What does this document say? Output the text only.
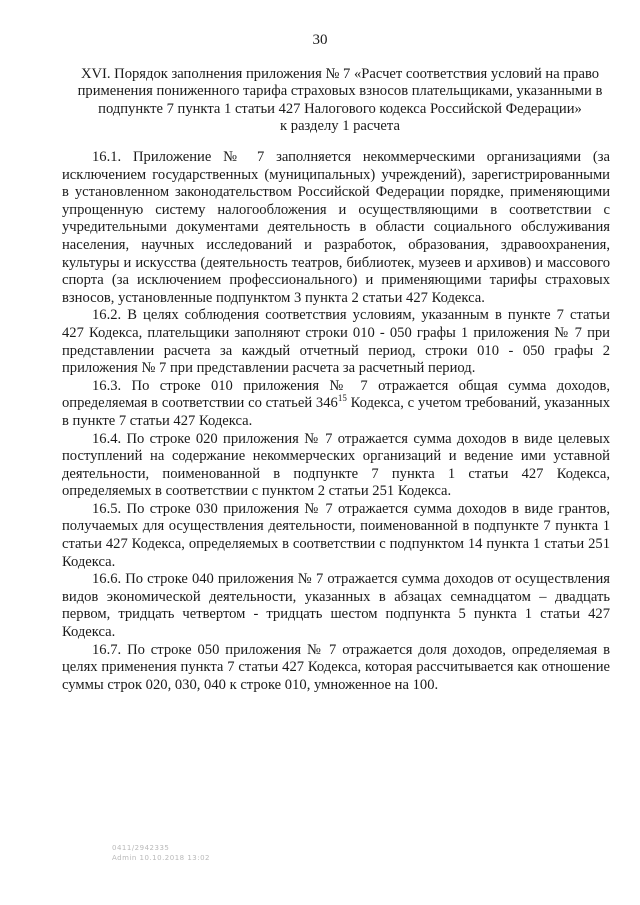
30
XVI. Порядок заполнения приложения № 7 «Расчет соответствия условий на право
применения пониженного тарифа страховых взносов плательщиками, указанными в
подпункте 7 пункта 1 статьи 427 Налогового кодекса Российской Федерации»
к разделу 1 расчета

16.1. Приложение № 7 заполняется некоммерческими организациями (за исключением государственных (муниципальных) учреждений), зарегистрированными в установленном законодательством Российской Федерации порядке, применяющими упрощенную систему налогообложения и осуществляющими в соответствии с учредительными документами деятельность в области социального обслуживания населения, научных исследований и разработок, образования, здравоохранения, культуры и искусства (деятельность театров, библиотек, музеев и архивов) и массового спорта (за исключением профессионального) и применяющими тарифы страховых взносов, установленные подпунктом 3 пункта 2 статьи 427 Кодекса.

16.2. В целях соблюдения соответствия условиям, указанным в пункте 7 статьи 427 Кодекса, плательщики заполняют строки 010 - 050 графы 1 приложения № 7 при представлении расчета за каждый отчетный период, строки 010 - 050 графы 2 приложения № 7 при представлении расчета за расчетный период.

16.3. По строке 010 приложения № 7 отражается общая сумма доходов, определяемая в соответствии со статьей $346^{15}$ Кодекса, с учетом требований, указанных в пункте 7 статьи 427 Кодекса.

16.4. По строке 020 приложения № 7 отражается сумма доходов в виде целевых поступлений на содержание некоммерческих организаций и ведение ими уставной деятельности, поименованной в подпункте 7 пункта 1 статьи 427 Кодекса, определяемых в соответствии с пунктом 2 статьи 251 Кодекса.

16.5. По строке 030 приложения № 7 отражается сумма доходов в виде грантов, получаемых для осуществления деятельности, поименованной в подпункте 7 пункта 1 статьи 427 Кодекса, определяемых в соответствии с подпунктом 14 пункта 1 статьи 251 Кодекса.

16.6. По строке 040 приложения № 7 отражается сумма доходов от осуществления видов экономической деятельности, указанных в абзацах семнадцатом – двадцать первом, тридцать четвертом - тридцать шестом подпункта 5 пункта 1 статьи 427 Кодекса.

16.7. По строке 050 приложения № 7 отражается доля доходов, определяемая в целях применения пункта 7 статьи 427 Кодекса, которая рассчитывается как отношение суммы строк 020, 030, 040 к строке 010, умноженное на 100.

0411/2942335
Admin 10.10.2018 13:02
